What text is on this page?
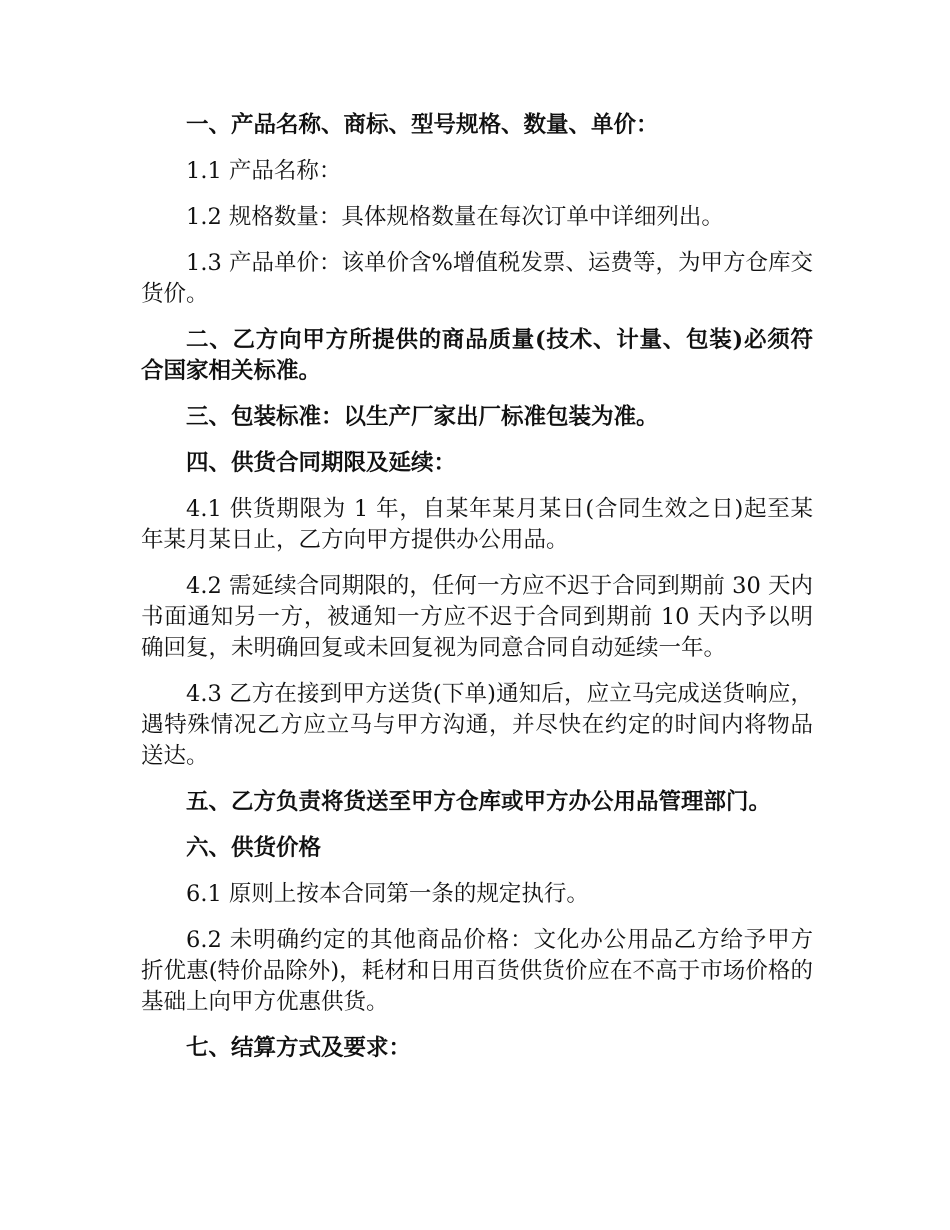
一、产品名称、商标、型号规格、数量、单价：

1.1 产品名称：

1.2 规格数量：具体规格数量在每次订单中详细列出。

1.3 产品单价：该单价含%增值税发票、运费等，为甲方仓库交货价。

二、乙方向甲方所提供的商品质量(技术、计量、包装)必须符合国家相关标准。

三、包装标准：以生产厂家出厂标准包装为准。

四、供货合同期限及延续：

4.1 供货期限为 1 年，自某年某月某日(合同生效之日)起至某年某月某日止，乙方向甲方提供办公用品。

4.2 需延续合同期限的，任何一方应不迟于合同到期前 30 天内书面通知另一方，被通知一方应不迟于合同到期前 10 天内予以明确回复，未明确回复或未回复视为同意合同自动延续一年。

4.3 乙方在接到甲方送货(下单)通知后，应立马完成送货响应，遇特殊情况乙方应立马与甲方沟通，并尽快在约定的时间内将物品送达。

五、乙方负责将货送至甲方仓库或甲方办公用品管理部门。

六、供货价格

6.1 原则上按本合同第一条的规定执行。

6.2 未明确约定的其他商品价格：文化办公用品乙方给予甲方折优惠(特价品除外)，耗材和日用百货供货价应在不高于市场价格的基础上向甲方优惠供货。

七、结算方式及要求：
